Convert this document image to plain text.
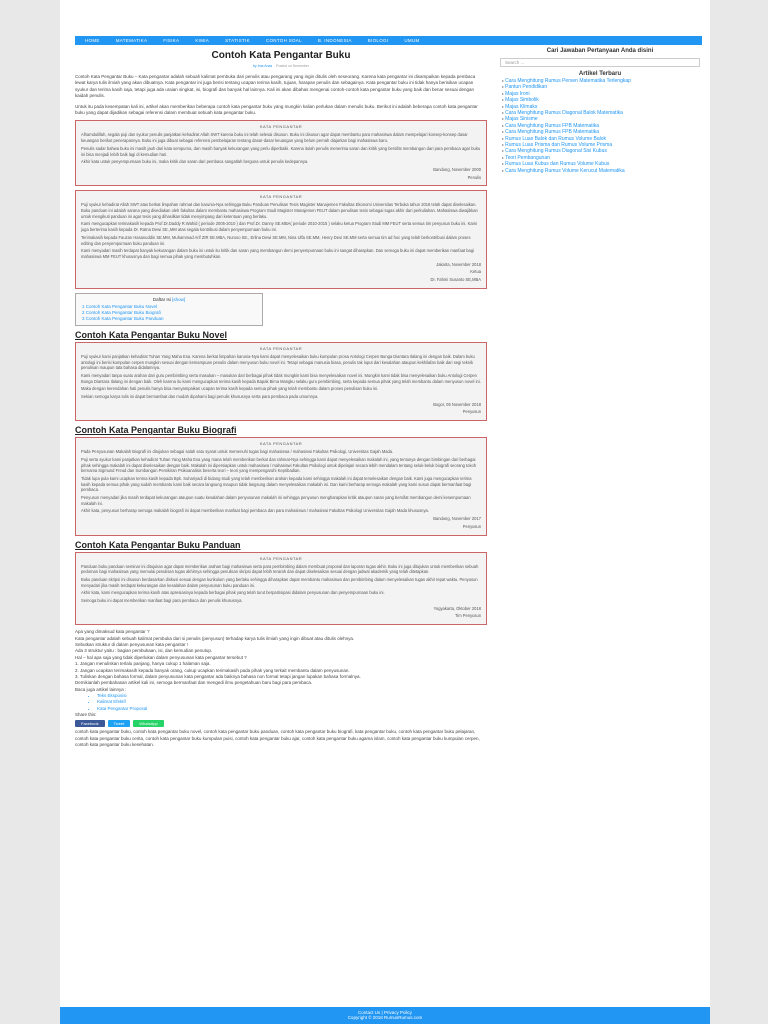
HOME	MATEMATIKA	FISIKA	KIMIA	STATISTIK	CONTOH SOAL	B. INDONESIA	BIOLOGI	UMUM
Contoh Kata Pengantar Buku
by Ima Anas Posted on November

Contoh Kata Pengantar Buku – Kata pengantar adalah sebuah kalimat pembuka dari penulis atau pengarang yang ingin ditulis oleh seseorang. Karena kata pengantar ini disampaikan kepada pembaca lewat karya tulis ilmiah yang akan dibuatnya. Kata pengantar ini juga berisi tentang ucapan terima kasih, tujuan, harapan penulis dan sebagainya. Kata pengantar buku ini tidak hanya berisikan ucapan syukur dan terima kasih saja, tetapi juga ada uraian singkat, isi, biografi dan banyak hal lainnya. Kali ini akan dibahas mengenai contoh-contoh kata pengantar buku yang baik dan benar sesuai dengan kaidah penulis.

Untuk itu pada kesempatan kali ini, artikel akan memberikan beberapa contoh kata pengantar buku yang mungkin kalian perlukan dalam menulis buku. Berikut ini adalah beberapa contoh kata pengantar buku yang dapat dijadikan sebagai referensi dalam membuat sebuah kata pengantar buku.

KATA PENGANTAR

Alhamdulillah, segala puji dan syukur penulis panjatkan kehadirat Allah SWT karena buku ini telah selesai disusun. Buku ini disusun agar dapat membantu para mahasiswa dalam mempelajari konsep-konsep dasar keuangan berikut penerapannya. Buku ini juga dibuat sebagai referensi pembelajaran tentang dasar-dasar keuangan yang belum pernah diajarkan bagi mahasiswa baru.

Penulis sadar bahwa buku ini masih jauh dari kata sempurna, dan masih banyak kekurangan yang perlu diperbaiki. Karena itulah penulis menerima saran dan kritik yang bersifat membangun dari para pembaca agar buku ini bisa menjadi lebih baik lagi di kemudian hari.

Akhir kata untuk penyempurnaan buku ini, maka kritik dan saran dari pembaca sangatlah berguna untuk penulis kedepannya.

Bandung, November 2000

Penulis

KATA PENGANTAR

Puji syukur kehadirat Allah SWT atas berkat limpahan rahmat dan karunia-Nya sehingga Buku Panduan Penulisan Tesis Magister Manajemen Fakultas Ekonomi Universitas Terbuka tahun 2018 telah dapat diselesaikan. Buku panduan ini adalah sarana yang disediakan oleh fakultas dalam membantu mahasiswa Program Studi Magister Manajemen FEUT dalam penulisan tesis sebagai tugas akhir dari perkuliahan. Mahasiswa diwajibkan untuk mengikuti panduan ini agar tesis yang dihasilkan tidak menyimpang dari ketentuan yang berlaku.

Kami mengucapkan terimakasih kepada Prof.Dr.Daddy R.Wahid ( periode 2005-2010 ) dan Prof.Dr. Danny SE.MBA( periode 2010-2015 ) selaku ketua Program Studi MM FEUT serta semua tim penyusun buku ini. Kami juga berterima kasih kepada Dr. Ratna Dewi SE.,MM atas segala kontribusi dalam penyempurnaan buku ini.

Terimakasih kepada Fauzan Hasanuddin SE.MM, Muhammad Arif ZIR SE.MBA, Nuroso SE., Erlina Dewi SE.MM, Nina Ulfa SE.MM, Henry Desi SE.MM serta semua tim ad hoc yang telah berkontribusi dalam proses editing dan penyempurnaan buku panduan ini.

Kami menyadari masih terdapat banyak kekurangan dalam buku ini untuk itu kritik dan saran yang membangun demi penyempurnaan buku ini sangat diharapkan. Dan semoga buku ini dapat memberikan manfaat bagi mahasiswa MM FEUT khususnya dan bagi semua pihak yang membutuhkan.

Jakarta, November 2018

Ketua

Dr. Fahmi Susanto SE,MBA

Daftar Isi [show]
1 Contoh Kata Pengantar Buku Novel
2 Contoh Kata Pengantar Buku Biografi
3 Contoh Kata Pengantar Buku Panduan
Contoh Kata Pengantar Buku Novel
KATA PENGANTAR

Puji syukur kami panjatkan kehadirat Tuhan Yang Maha Esa. Karena berkat limpahan karunia-Nya kami dapat menyelesaikan buku kumpulan prosa Antologi Cerpen Bunga Diantara Ilalang ini dengan baik. Dalam buku antologi ini berisi kumpulan cerpen mungkin sesuai dengan kemampuan penulis dalam menyusun buku novel ini. Tetapi sebagai manusia biasa, penulis tak luput dari kesalahan ataupun kekhilafan baik dari segi teknik penulisan maupun tata bahasa didalamnya.

Kami menyadari tanpa suatu arahan dari guru pembimbing serta masukan – masukan dari berbagai pihak tidak mungkin kami bisa menyelesaikan novel ini. Mungkin kami tidak bisa menyelesaikan buku Antologi Cerpen Bunga Diantara Ilalang ini dengan baik. Oleh karena itu kami mengucapkan terima kasih kepada Bapak Bima Mangku selaku guru pembimbing, serta kepada semua pihak yang telah membantu dalam menyusun novel ini.

Maka dengan kerendahan hati penulis hanya bisa menyampaikan ucapan terima kasih kepada semua pihak yang telah membantu dalam proses penulisan buku ini.

Sekian semoga karya tulis ini dapat bermanfaat dan mudah dipahami bagi penulis khususnya serta para pembaca pada umumnya.

Bogor, 05 November 2018

Penyusun

Contoh Kata Pengantar Buku Biografi
KATA PENGANTAR

Pada Penyusunan Makalah Biografi ini ditujukan sebagai salah satu syarat untuk memenuhi tugas bagi mahasiswa / mahasiswi Fakultas Psikologi, Universitas Gajah Mada.

Puji serta syukur kami panjatkan kehadirat Tuhan Yang Maha Esa yang mana telah memberikan berkat dan rahmat-Nya sehingga kami dapat menyelesaikan makalah ini, yang tentunya dengan bimbingan dari berbagai pihak sehingga makalah ini dapat diselesaikan dengan baik. Makalah ini dipersiapkan untuk mahasiswa / mahasiswi Fakultas Psikologi untuk dipelajari secara lebih mendalam tentang seluk-beluk biografi seorang tokoh bernama Sigmund Freud dan Sumbangan Pemikiran Psikoanalisis beserta teori – teori yang mempengaruhi Kepribadian.

Tidak lupa pula kami ucapkan terima kasih kepada Bpk. Suhariyadi di bidang studi yang telah memberikan arahan kepada kami sehingga makalah ini dapat terselesaikan dengan baik. Kami juga mengucapkan terima kasih kepada semua pihak yang sudah membantu kami baik secara langsung maupun tidak langsung dalam menyelesaikan makalah ini. Dan kami berharap semoga makalah yang kami susun dapat bermanfaat bagi pembaca.

Penyusun menyadari jika masih terdapat kekurangan ataupun suatu kesalahan dalam penyusunan makalah ini sehingga penyusun mengharapkan kritik ataupun saran yang bersifat membangun demi kesempurnaan makalah ini.

Akhir kata, penyusun berharap semoga makalah biografi ini dapat memberikan manfaat bagi pembaca dan para mahasiswa / mahasiswi Fakultas Psikologi Universitas Gajah Mada khususnya.

Bandung, November 2017

Penyusun

Contoh Kata Pengantar Buku Panduan
KATA PENGANTAR

Panduan buku panduan seminar ini ditujukan agar dapat memberikan arahan bagi mahasiswa serta para pembimbing dalam membuat proposal dan laporan tugas akhir. Buku ini juga ditujukan untuk memberikan sebuah pedoman bagi mahasiswa yang memulai penulisan tugas akhirnya sehingga penulisan skripsi dapat lebih terarah dan dapat diselesaikan sesuai dengan jadwal akademik yang telah ditetapkan.

Buku panduan skripsi ini disusun berdasarkan diskusi sesuai dengan kurikulum yang berlaku sehingga diharapkan dapat membantu mahasiswa dan pembimbing dalam menyelesaikan tugas akhir tepat waktu. Penyusun menyadari jika masih terdapat kekurangan dan kesalahan dalam penyusunan buku panduan ini.

Akhir kata, kami mengucapkan terima kasih atas apresiasinya kepada berbagai pihak yang telah turut berpartisipasi didalam penyusunan dan penyempurnaan buku ini.

Semoga buku ini dapat memberikan manfaat bagi para pembaca dan penulis khususnya.

Yogyakarta, Oktober 2018

Tim Penyusun

Apa yang dimaksud kata pengantar ?

Kata pengantar adalah sebuah kalimat pembuka dari si penulis (penyusun) terhadap karya tulis ilmiah yang ingin dibuat atau ditulis olehnya.

Sebutkan struktur di dalam penyusunan kata pengantar !

Ada 3 struktur yaitu : bagian pembukaan, isi, dan kemudian penutup.

Hal – hal apa saja yang tidak diperlukan dalam penyusunan kata pengantar tersebut ?

1. Jangan menuliskan terlalu panjang, hanya cukup 1 halaman saja.

2. Jangan ucapkan terimakasih kepada banyak orang, cukup ucapkan terimakasih pada pihak yang terkait membantu dalam penyusunan.

3. Tuliskan dengan bahasa formal, dalam penyusunan kata pengantar ada baiknya bahasa non formal tetapi jangan lupakan bahasa formalnya.

Demikianlah pembahasan artikel kali ini, semoga bermanfaat dan mengedi ilmu pengetahuan baru bagi para pembaca.

Baca juga artikel lainnya :

• Teks Eksposisi
• Kalimat Efektif
• Kata Pengantar Proposal

Share this:

Facebook	Tweet	WhatsApp

contoh kata pengantar buku, contoh kata pengantar buku novel, contoh kata pengantar buku panduan, contoh kata pengantar buku biografi, kata pengantar buku, contoh kata pengantar buku pelajaran, contoh kata pengantar buku cerita, contoh kata pengantar buku kumpulan puisi, contoh kata pengantar buku ajar, contoh kata pengantar buku agama islam, contoh kata pengantar buku kumpulan cerpen, contoh kata pengantar buku kesehatan.

Cari Jawaban Pertanyaan Anda disini
Search ...
Artikel Terbaru
▸ Cara Menghitung Rumus Persen Matematika Terlengkap
▸ Pantun Pendidikan
▸ Majas Ironi
▸ Majas Simbolik
▸ Majas Klimaks
▸ Cara Menghitung Rumus Diagonal Balok Matematika
▸ Majas Sinisme
▸ Cara Menghitung Rumus FPB Matematika
▸ Cara Menghitung Rumus FPB Matematika
▸ Rumus Luas Balok dan Rumus Volume Balok
▸ Rumus Luas Prisma dan Rumus Volume Prisma
▸ Cara Menghitung Rumus Diagonal Sisi Kubus
▸ Teori Pembangunan
▸ Rumus Luas Kubus dan Rumus Volume Kubus
▸ Cara Menghitung Rumus Volume Kerucut Matematika
Contact Us | Privacy Policy
Copyright © 2018 RumusRumus.com
